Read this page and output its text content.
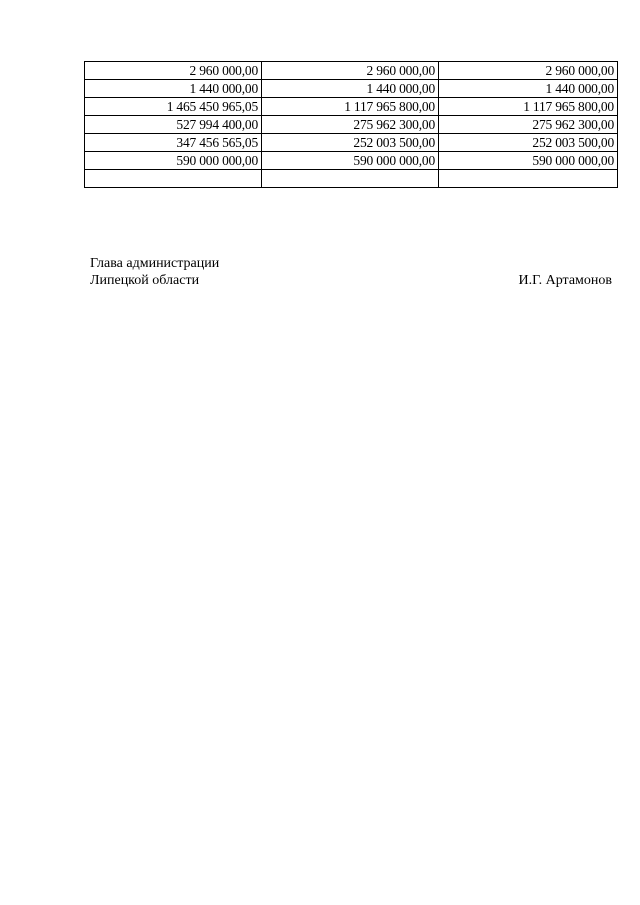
2 960 000,00	2 960 000,00	2 960 000,00
1 440 000,00	1 440 000,00	1 440 000,00
1 465 450 965,05	1 117 965 800,00	1 117 965 800,00
527 994 400,00	275 962 300,00	275 962 300,00
347 456 565,05	252 003 500,00	252 003 500,00
590 000 000,00	590 000 000,00	590 000 000,00

Глава администрации
Липецкой области	И.Г. Артамонов
